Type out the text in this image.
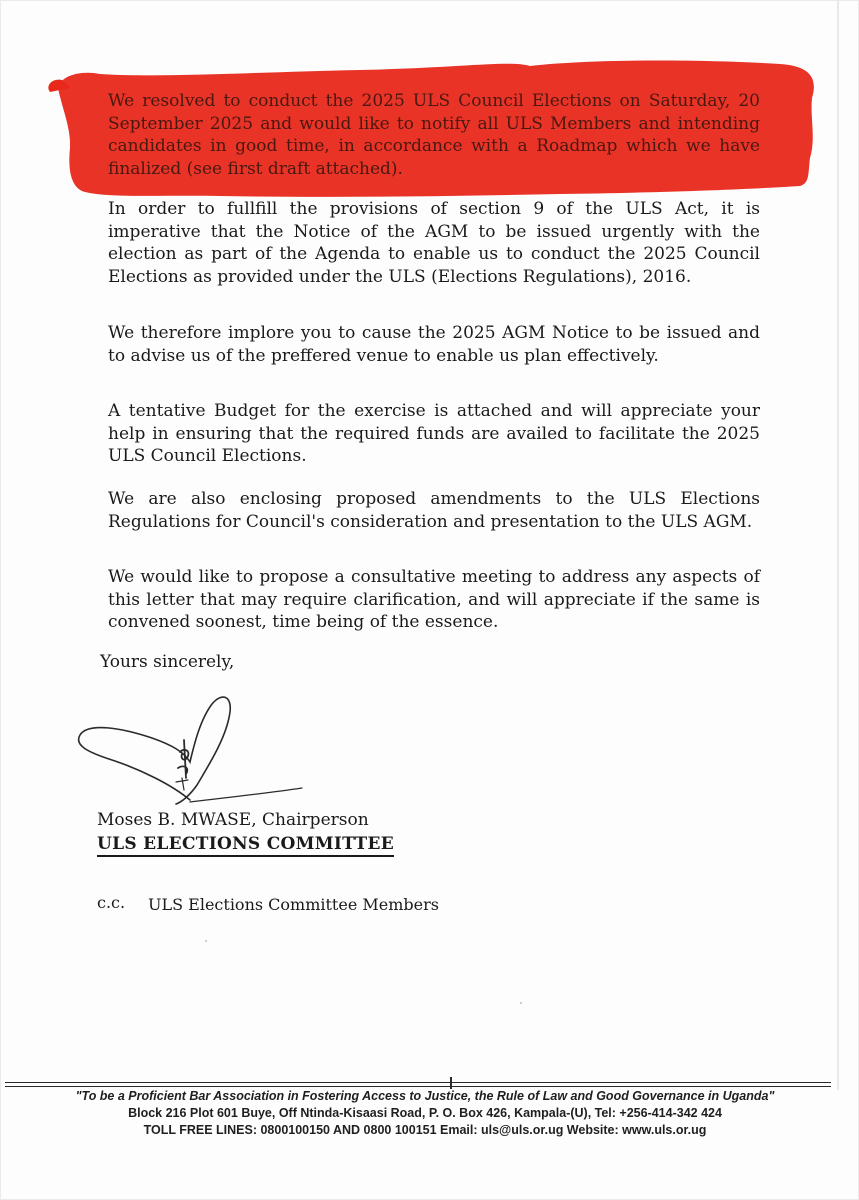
We resolved to conduct the 2025 ULS Council Elections on Saturday, 20 September 2025 and would like to notify all ULS Members and intending candidates in good time, in accordance with a Roadmap which we have finalized (see first draft attached).

In order to fullfill the provisions of section 9 of the ULS Act, it is imperative that the Notice of the AGM to be issued urgently with the election as part of the Agenda to enable us to conduct the 2025 Council Elections as provided under the ULS (Elections Regulations), 2016.

We therefore implore you to cause the 2025 AGM Notice to be issued and to advise us of the preffered venue to enable us plan effectively.

A tentative Budget for the exercise is attached and will appreciate your help in ensuring that the required funds are availed to facilitate the 2025 ULS Council Elections.

We are also enclosing proposed amendments to the ULS Elections Regulations for Council's consideration and presentation to the ULS AGM.

We would like to propose a consultative meeting to address any aspects of this letter that may require clarification, and will appreciate if the same is convened soonest, time being of the essence.

Yours sincerely,
Moses B. MWASE, Chairperson
ULS ELECTIONS COMMITTEE
c.c. ULS Elections Committee Members
"To be a Proficient Bar Association in Fostering Access to Justice, the Rule of Law and Good Governance in Uganda"
Block 216 Plot 601 Buye, Off Ntinda-Kisaasi Road, P. O. Box 426, Kampala-(U), Tel: +256-414-342 424
TOLL FREE LINES: 0800100150 AND 0800 100151 Email: uls@uls.or.ug Website: www.uls.or.ug
